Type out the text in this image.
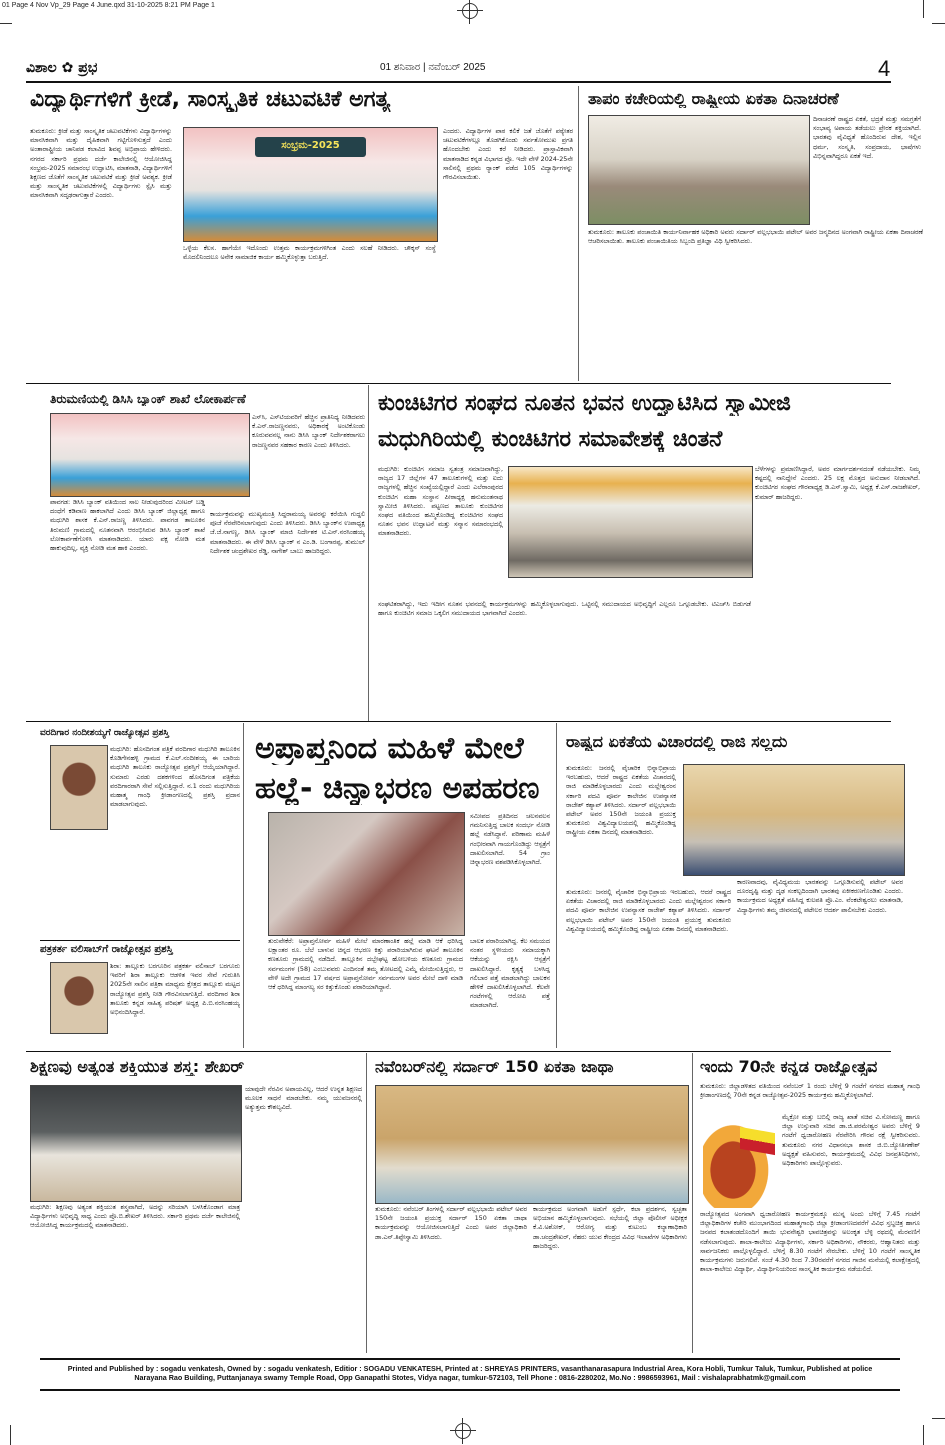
01 Page 4 Nov Vp_29 Page 4 June.qxd 31-10-2025 8:21 PM Page 1
ವಿಶಾಲ ✿ ಪ್ರಭ	01 ಶನಿವಾರ | ನವೆಂಬರ್ 2025	4
ವಿದ್ಯಾರ್ಥಿಗಳಿಗೆ ಕ್ರೀಡೆ, ಸಾಂಸ್ಕೃತಿಕ ಚಟುವಟಿಕೆ ಅಗತ್ಯ
ತುಮಕೂರು: ಕ್ರೀಡೆ ಮತ್ತು ಸಾಂಸ್ಕೃತಿಕ ಚಟುವಟಿಕೆಗಳು ವಿದ್ಯಾರ್ಥಿಗಳನ್ನು ಮಾನಸಿಕವಾಗಿ ಮತ್ತು ದೈಹಿಕವಾಗಿ ಗಟ್ಟಿಗೊಳಿಸುತ್ತದೆ ಎಂದು ಅಂತಾರಾಷ್ಟ್ರೀಯ ಚಾನಿಪಡ ಕಲಾವಿದ ಶಿವಪ್ಪ ಅಭಿಪ್ರಾಯ ಹೇಳಿದರು. ನಗರದ ಸರ್ಕಾರಿ ಪ್ರಥಮ ದರ್ಜೆ ಕಾಲೇಜಿನಲ್ಲಿ ಆಯೋಜಿಸಿದ್ದ ಸಂಭ್ರಮ-2025 ಸಮಾರಂಭ ಉದ್ಘಾಟಿಸಿ, ಮಾತನಾಡಿ, ವಿದ್ಯಾರ್ಥಿಗಳಿಗೆ ಶಿಕ್ಷಣದ ಜೊತೆಗೆ ಸಾಂಸ್ಕೃತಿಕ ಚಟುವಟಿಕೆ ಮತ್ತು ಕ್ರೀಡೆ ಅವಶ್ಯಕ. ಕ್ರೀಡೆ ಮತ್ತು ಸಾಂಸ್ಕೃತಿಕ ಚಟುವಟಿಕೆಗಳಲ್ಲಿ ವಿದ್ಯಾರ್ಥಿಗಳು ಸ್ಪೈಸಿ ಮತ್ತು ಮಾನಸಿಕವಾಗಿ ಸದೃಢರಾಗುತ್ತಾರೆ ಎಂದರು.
ಸಂಭ್ರಮ-2025
ಒಳ್ಳೆಯ ಕೆಲಸ. ಹಾಗೆಯೇ ಇದೊಂದು ಉತ್ತಮ ಕಾರ್ಯಕ್ರಮಗಳಿಗಿಂತ ಎಂದು ಸಲಹೆ ನೀಡಿದರು. ಚೌಕ್ಕಸ್ ಸಂಸ್ಥೆ ಮೊದಲಿನಿಂದಲೂ ಅನೇಕ ಸಾಮಾಜಿಕ ಕಾರ್ಯ ಹಮ್ಮಿಕೊಳ್ಳುತ್ತಾ ಬರುತ್ತಿದೆ.
ಎಂದರು. ವಿದ್ಯಾರ್ಥಿಗಳ ಪಾಠ ಕಲಿಕೆ ಜತೆ ಜೊತೆಗೆ ಪಠ್ಯೇತರ ಚಟುವಟಿಕೆಗಳಲ್ಲೂ ತೊಡಗಿಕೊಂಡು ಸರ್ವತೋಮುಖ ಪ್ರಗತಿ ಹೊಂದಬೇಕು ಎಂದು ಕರೆ ನೀಡಿದರು. ಪ್ರಾಸ್ತಾವಿಕವಾಗಿ ಮಾತನಾಡಿದ ಕನ್ನಡ ವಿಭಾಗದ ಪ್ರೊ. ಇದೇ ವೇಳೆ 2024-25ನೇ ಸಾಲಿನಲ್ಲಿ ಪ್ರಥಮ ರ‍್ಯಾಂಕ್ ಪಡೆದ 105 ವಿದ್ಯಾರ್ಥಿಗಳನ್ನು ಗೌರವಿಸಲಾಯಿತು.
ತಾಪಂ ಕಚೇರಿಯಲ್ಲಿ ರಾಷ್ಟ್ರೀಯ ಏಕತಾ ದಿನಾಚರಣೆ
ದಿನಾಚರಣೆ ರಾಷ್ಟ್ರದ ಏಕತೆ, ಭದ್ರತೆ ಮತ್ತು ಸಮಗ್ರತೆಗೆ ಸಂಭಾವ್ಯ ಅಪಾಯ ತಡೆಯಲು ಪ್ರೇರಕ ಶಕ್ತಿಯಾಗಿದೆ. ಭಾರತವು ವೈವಿಧ್ಯತೆ ಹೊಂದಿರುವ ದೇಶ, ಇಲ್ಲಿನ ಧರ್ಮ, ಸಂಸ್ಕೃತಿ, ಸಂಪ್ರದಾಯ, ಭಾಷೆಗಳು ವಿಭಿನ್ನವಾಗಿದ್ದರೂ ಏಕತೆ ಇದೆ.
ತುಮಕೂರು: ತಾಲೂಕು ಪಂಚಾಯಿತಿ ಕಾರ್ಯನಿರ್ವಾಹಕ ಅಧಿಕಾರಿ ಅವರು ಸರ್ದಾರ್ ವಲ್ಲಭಭಾಯಿ ಪಟೇಲ್ ಅವರ ಜನ್ಮದಿನದ ಅಂಗವಾಗಿ ರಾಷ್ಟ್ರೀಯ ಏಕತಾ ದಿನಾಚರಣೆ ಆಚರಿಸಲಾಯಿತು. ತಾಲೂಕು ಪಂಚಾಯಿತಿಯ ಸಿಬ್ಬಂದಿ ಪ್ರತಿಜ್ಞಾ ವಿಧಿ ಸ್ವೀಕರಿಸಿದರು.
ತಿರುಮಣಿಯಲ್ಲಿ ಡಿಸಿಸಿ ಬ್ಯಾಂಕ್ ಶಾಖೆ ಲೋಕಾರ್ಪಣೆ
ಎಸ್‌ಸಿ, ಎಸ್‌ಟಿಯವರಿಗೆ ಹೆಚ್ಚಿನ ಪ್ರಾತಿನಿಧ್ಯ ನೀಡಿದವರು ಕೆ.ಎನ್.ರಾಜಣ್ಣನವರು, ಅಧಿಕಾರಕ್ಕೆ ಅಂಟಿಕೊಂಡು ಕೂರುವವನಲ್ಲ ನಾನು ಡಿಸಿಸಿ ಬ್ಯಾಂಕ್ ನಿರ್ದೇಶಕರಾಗಲು ರಾಜಣ್ಣನವರ ಸಹಕಾರ ಕಾರಣ ಎಂದು ತಿಳಿಸಿದರು.
ಪಾವಗಡ: ಡಿಸಿಸಿ ಬ್ಯಾಂಕ್ ವತಿಯಿಂದ ಸಾಲ ನೀಡುವುದರಿಂದ ಮೀಟರ್ ಬಡ್ಡಿ ದಂಧೆಗೆ ಕಡಿವಾಣ ಹಾಕಲಾಗಿದೆ ಎಂದು ಡಿಸಿಸಿ ಬ್ಯಾಂಕ್ ಜಿಲ್ಲಾಧ್ಯಕ್ಷ ಹಾಗೂ ಮಧುಗಿರಿ ಶಾಸಕ ಕೆ.ಎನ್.ರಾಜಣ್ಣ ತಿಳಿಸಿದರು. ಪಾವಗಡ ತಾಲೂಕಿನ ತಿರುಮಣಿ ಗ್ರಾಮದಲ್ಲಿ ನೂತನವಾಗಿ ಆರಂಭಿಸಿರುವ ಡಿಸಿಸಿ ಬ್ಯಾಂಕ್ ಶಾಖೆ ಲೋಕಾರ್ಪಣೆಗೊಳಿಸಿ ಮಾತನಾಡಿದರು. ಯಾರು ಪಕ್ಷ ನೋಡಿ ಮತ ಹಾಕುವುದಿಲ್ಲ, ವ್ಯಕ್ತಿ ನೋಡಿ ಮತ ಹಾಕಿ ಎಂದರು.
ಕಾರ್ಯಕ್ರಮವನ್ನು ಮುಖ್ಯಮಂತ್ರಿ ಸಿದ್ದರಾಮಯ್ಯ ಅವರನ್ನು ಕರೆಯಿಸಿ ಗುದ್ದಲಿ ಪೂಜೆ ನೆರವೇರಿಸಲಾಗುವುದು ಎಂದು ತಿಳಿಸಿದರು. ಡಿಸಿಸಿ ಬ್ಯಾಂಕ್‌ನ ಉಪಾಧ್ಯಕ್ಷ ಜೆ.ಜೆ.ನಾಗಣ್ಣ, ಡಿಸಿಸಿ ಬ್ಯಾಂಕ್ ಮಾಜಿ ನಿರ್ದೇಶಕ ಟಿ.ಎನ್.ನರಸಿಂಹಯ್ಯ ಮಾತನಾಡಿದರು. ಈ ವೇಳೆ ಡಿಸಿಸಿ ಬ್ಯಾಂಕ್ ನ ಎಂ.ಡಿ. ಬಂಗಾರಪ್ಪ, ತುಮುಲ್ ನಿರ್ದೇಶಕ ಚಂದ್ರಶೇಖರ ರೆಡ್ಡಿ, ನಾಗೇಶ್ ಬಾಬು ಹಾಜರಿದ್ದರು.
ಕುಂಚಿಟಿಗರ ಸಂಘದ ನೂತನ ಭವನ ಉದ್ಘಾಟಿಸಿದ ಸ್ವಾಮೀಜಿ
ಮಧುಗಿರಿಯಲ್ಲಿ ಕುಂಚಿಟಿಗರ ಸಮಾವೇಶಕ್ಕೆ ಚಿಂತನೆ
ಮಧುಗಿರಿ: ಕುಂಚಿಟಿಗ ಸಮಾಜ ಸ್ವತಂತ್ರ ಸಮಾಜವಾಗಿದ್ದು, ರಾಜ್ಯದ 17 ಜಿಲ್ಲೆಗಳ 47 ತಾಲೂಕುಗಳಲ್ಲಿ ಮತ್ತು ಐದು ರಾಜ್ಯಗಳಲ್ಲಿ ಹೆಚ್ಚಿನ ಸಂಖ್ಯೆಯಲ್ಲಿದ್ದಾರೆ ಎಂದು ಎಲೆರಾಂಪುರದ ಕುಂಚಿಟಿಗ ಮಹಾ ಸಂಸ್ಥಾನ ಪೀಠಾಧ್ಯಕ್ಷ ಹನುಮಂತನಾಥ ಸ್ವಾಮೀಜಿ ತಿಳಿಸಿದರು. ಪಟ್ಟಣದ ತಾಲೂಕು ಕುಂಚಿಟಿಗರ ಸಂಘದ ವತಿಯಿಂದ ಹಮ್ಮಿಕೊಂಡಿದ್ದ ಕುಂಚಿಟಿಗರ ಸಂಘದ ನೂತನ ಭವನ ಉದ್ಘಾಟನೆ ಮತ್ತು ಸನ್ಮಾನ ಸಮಾರಂಭದಲ್ಲಿ ಮಾತನಾಡಿದರು.
ಬೆಳೆಗಳನ್ನು ಪ್ರಮಾಣಿಸಿದ್ದಾರೆ, ಅವರ ಮಾರ್ಗದರ್ಶನದಂತೆ ನಡೆಯಬೇಕು. ನಿಮ್ಮ ಕಷ್ಟದಲ್ಲಿ ನಾನಿದ್ದೇನೆ ಎಂದರು. 25 ಲಕ್ಷ ಮೊತ್ತದ ಅನುದಾನ ನೀಡಲಾಗಿದೆ. ಕುಂಚಿಟಿಗರ ಸಂಘದ ಗೌರವಾಧ್ಯಕ್ಷ ಡಿ.ಎಸ್.ಸ್ವಾಮಿ, ಅಧ್ಯಕ್ಷ ಕೆ.ಎಸ್.ರಾಜಶೇಖರ್, ಕುಮಾರ್ ಹಾಜರಿದ್ದರು.
ಸಂಘಟಿತರಾಗಿದ್ದು, ಇದು ಇದೀಗ ನೂತನ ಭವನದಲ್ಲಿ ಕಾರ್ಯಕ್ರಮಗಳನ್ನು ಹಮ್ಮಿಕೊಳ್ಳಲಾಗುವುದು. ಒಟ್ಟಿನಲ್ಲಿ ಸಮುದಾಯದ ಅಭಿವೃದ್ಧಿಗೆ ಎಲ್ಲರೂ ಒಗ್ಗೂಡಬೇಕು. ಟಿಎಚ್‌ಸಿ ಬಿಡುಗಡೆ ಹಾಗೂ ಕುಂಚಿಟಿಗ ಸಮಾಜ ಒಕ್ಕಲಿಗ ಸಮುದಾಯದ ಭಾಗವಾಗಿದೆ ಎಂದರು.
ವರದಿಗಾರ ನಂದೀಶಯ್ಯಗೆ ರಾಜ್ಯೋತ್ಸವ ಪ್ರಶಸ್ತಿ
ಮಧುಗಿರಿ: ಹೊಸದಿಗಂತ ಪತ್ರಿಕೆ ವರದಿಗಾರ ಮಧುಗಿರಿ ತಾಲೂಕಿನ ಕೊಡಿಗೇನಹಳ್ಳಿ ಗ್ರಾಮದ ಕೆ.ಎಲ್.ನಂದೀಶಯ್ಯ ಈ ಬಾರಿಯ ಮಧುಗಿರಿ ತಾಲೂಕು ರಾಜ್ಯೋತ್ಸವ ಪ್ರಶಸ್ತಿಗೆ ಆಯ್ಕೆಯಾಗಿದ್ದಾರೆ. ಸುಮಾರು ಎರಡು ದಶಕಗಳಿಂದ ಹೊಸದಿಗಂತ ಪತ್ರಿಕೆಯ ವರದಿಗಾರರಾಗಿ ಸೇವೆ ಸಲ್ಲಿಸುತ್ತಿದ್ದಾರೆ. ನ.1 ರಂದು ಮಧುಗಿರಿಯ ಮಹಾತ್ಮ ಗಾಂಧಿ ಕ್ರೀಡಾಂಗಣದಲ್ಲಿ ಪ್ರಶಸ್ತಿ ಪ್ರದಾನ ಮಾಡಲಾಗುವುದು.
ಪತ್ರಕರ್ತ ವಲಿಸಾಬ್‌ಗೆ ರಾಜ್ಯೋತ್ಸವ ಪ್ರಶಸ್ತಿ
ಶಿರಾ: ತಾಲ್ಲೂಕು ಬರಗೂರಿನ ಪತ್ರಕರ್ತ ವಲಿಸಾಬ್ ಬರಗೂರು ಇವರಿಗೆ ಶಿರಾ ತಾಲ್ಲೂಕು ಆಡಳಿತ ಇವರ ಸೇವೆ ಗುರುತಿಸಿ 2025ನೇ ಸಾಲಿನ ಪತ್ರಿಕಾ ಮಾಧ್ಯಮ ಕ್ಷೇತ್ರದ ತಾಲ್ಲೂಕು ಮಟ್ಟದ ರಾಜ್ಯೋತ್ಸವ ಪ್ರಶಸ್ತಿ ನೀಡಿ ಗೌರವಿಸಲಾಗುತ್ತಿದೆ. ವರದಿಗಾರ ಶಿರಾ ತಾಲೂಕು ಕನ್ನಡ ಸಾಹಿತ್ಯ ಪರಿಷತ್ ಅಧ್ಯಕ್ಷ ಪಿ.ಬಿ.ನರಸಿಂಹಯ್ಯ ಅಭಿನಂದಿಸಿದ್ದಾರೆ.
ಅಪ್ರಾಪ್ತನಿಂದ ಮಹಿಳೆ ಮೇಲೆ
ಹಲ್ಲೆ- ಚಿನ್ನಾಭರಣ ಅಪಹರಣ
ಸಮೀಪದ ಪ್ರತಿದಿನದ ಚಲನವಲನ ಗಮನಿಸುತ್ತಿದ್ದ ಬಾಲಕ ಸಂದರ್ಭ ನೋಡಿ ಹಲ್ಲೆ ನಡೆಸಿದ್ದಾನೆ. ಪರಿಣಾಮ ಮಹಿಳೆ ಗಂಭೀರವಾಗಿ ಗಾಯಗೊಂಡಿದ್ದು ಆಸ್ಪತ್ರೆಗೆ ದಾಖಲಿಸಲಾಗಿದೆ. 54 ಗ್ರಾಂ ಚಿನ್ನಾಭರಣ ವಶಪಡಿಸಿಕೊಳ್ಳಲಾಗಿದೆ.
ತುರುವೇಕೆರೆ: ಅಪ್ರಾಪ್ತನೋರ್ವ ಮಹಿಳೆ ಮೇಲೆ ಮಾರಣಾಂತಿಕ ಹಲ್ಲೆ ಮಾಡಿ ಆಕೆ ಧರಿಸಿದ್ದ ಲಕ್ಷಾಂತರ ರೂ. ಬೆಲೆ ಬಾಳುವ ಚಿನ್ನದ ಆಭರಣ ಕಿತ್ತು ಪರಾರಿಯಾಗಿರುವ ಘಟನೆ ತಾಲೂಕಿನ ಕಣತೂರು ಗ್ರಾಮದಲ್ಲಿ ನಡೆದಿದೆ. ತಾಲ್ಲೂಕಿನ ದಬ್ಬೇಘಟ್ಟ ಹೋಬಳಿಯ ಕಣತೂರು ಗ್ರಾಮದ ಸರ್ವಮಂಗಳ (58) ಎಂಬುವವರು ಎಂದಿನಂತೆ ತಮ್ಮ ತೋಟದಲ್ಲಿ ಎಮ್ಮೆ ಮೇಯಿಸುತ್ತಿದ್ದರು, ಆ ವೇಳೆ ಅದೇ ಗ್ರಾಮದ 17 ವರ್ಷದ ಅಪ್ರಾಪ್ತನೋರ್ವ ಸರ್ವಮಂಗಳ ಅವರ ಮೇಲೆ ದಾಳಿ ಮಾಡಿ ಆಕೆ ಧರಿಸಿದ್ದ ಮಾಂಗಲ್ಯ ಸರ ಕಿತ್ತುಕೊಂಡು ಪರಾರಿಯಾಗಿದ್ದಾನೆ.
ಬಾಲಕ ಪರಾರಿಯಾಗಿದ್ದ. ಕೆಲ ಸಮಯದ ನಂತರ ಸ್ಥಳೀಯರು ಸಮಾಯಕ್ಕಾಗಿ ಆಕೆಯನ್ನು ರಕ್ಷಿಸಿ ಆಸ್ಪತ್ರೆಗೆ ದಾಖಲಿಸಿದ್ದಾರೆ. ಕೃತ್ಯಕ್ಕೆ ಬಳಸಿದ್ದ ಗಲಿಬಾರ ಪತ್ತೆ ಮಾಡಲಾಗಿದ್ದು ಬಾಲಕನ ಹೇಳಿಕೆ ದಾಖಲಿಸಿಕೊಳ್ಳಲಾಗಿದೆ. ಕೆಲವೇ ಗಂಟೆಗಳಲ್ಲಿ ಆರೋಪಿ ಪತ್ತೆ ಮಾಡಲಾಗಿದೆ.
ರಾಷ್ಟ್ರದ ಏಕತೆಯ ವಿಚಾರದಲ್ಲಿ ರಾಜಿ ಸಲ್ಲದು
ತುಮಕೂರು: ಜನರಲ್ಲಿ ವೈಚಾರಿಕ ಭಿನ್ನಾಭಿಪ್ರಾಯ ಇರಬಹುದು, ಆದರೆ ರಾಷ್ಟ್ರದ ಏಕತೆಯ ವಿಚಾರದಲ್ಲಿ ರಾಜಿ ಮಾಡಿಕೊಳ್ಳಬಾರದು ಎಂದು ಮಲ್ಲೇಶ್ವರಂನ ಸರ್ಕಾರಿ ಪದವಿ ಪೂರ್ವ ಕಾಲೇಜಿನ ಉಪನ್ಯಾಸಕ ರಾಜೇಶ್ ಕಶ್ಯಾಪ್ ತಿಳಿಸಿದರು. ಸರ್ದಾರ್ ವಲ್ಲಭಭಾಯಿ ಪಟೇಲ್ ಅವರ 150ನೇ ಜಯಂತಿ ಪ್ರಯುಕ್ತ ತುಮಕೂರು ವಿಶ್ವವಿದ್ಯಾಲಯದಲ್ಲಿ ಹಮ್ಮಿಕೊಂಡಿದ್ದ ರಾಷ್ಟ್ರೀಯ ಏಕತಾ ದಿನದಲ್ಲಿ ಮಾತನಾಡಿದರು.
ತುಮಕೂರು: ಜನರಲ್ಲಿ ವೈಚಾರಿಕ ಭಿನ್ನಾಭಿಪ್ರಾಯ ಇರಬಹುದು, ಆದರೆ ರಾಷ್ಟ್ರದ ಏಕತೆಯ ವಿಚಾರದಲ್ಲಿ ರಾಜಿ ಮಾಡಿಕೊಳ್ಳಬಾರದು ಎಂದು ಮಲ್ಲೇಶ್ವರಂನ ಸರ್ಕಾರಿ ಪದವಿ ಪೂರ್ವ ಕಾಲೇಜಿನ ಉಪನ್ಯಾಸಕ ರಾಜೇಶ್ ಕಶ್ಯಾಪ್ ತಿಳಿಸಿದರು. ಸರ್ದಾರ್ ವಲ್ಲಭಭಾಯಿ ಪಟೇಲ್ ಅವರ 150ನೇ ಜಯಂತಿ ಪ್ರಯುಕ್ತ ತುಮಕೂರು ವಿಶ್ವವಿದ್ಯಾಲಯದಲ್ಲಿ ಹಮ್ಮಿಕೊಂಡಿದ್ದ ರಾಷ್ಟ್ರೀಯ ಏಕತಾ ದಿನದಲ್ಲಿ ಮಾತನಾಡಿದರು.
ಕಾರಣವಾದವು, ವೈವಿಧ್ಯಮಯ ಭಾರತವನ್ನು ಒಗ್ಗೂಡಿಸುವಲ್ಲಿ ಪಟೇಲ್ ಅವರ ದೂರದೃಷ್ಟಿ ಮತ್ತು ದೃಢ ಸಂಕಲ್ಪದಿಂದಾಗಿ ಭಾರತವು ಏಕೀಕರಣಗೊಂಡಿತು ಎಂದರು. ಕಾರ್ಯಕ್ರಮದ ಅಧ್ಯಕ್ಷತೆ ವಹಿಸಿದ್ದ ಕುಲಪತಿ ಪ್ರೊ.ಎಂ. ವೆಂಕಟೇಶ್ವರಲು ಮಾತನಾಡಿ, ವಿದ್ಯಾರ್ಥಿಗಳು ತಮ್ಮ ಜೀವನದಲ್ಲಿ ಪಟೇಲರ ಆದರ್ಶ ಪಾಲಿಸಬೇಕು ಎಂದರು.
ಶಿಕ್ಷಣವು ಅತ್ಯಂತ ಶಕ್ತಿಯುತ ಶಸ್ತ್ರ: ಶೇಖರ್
ಯಾವುದೇ ನೆರವಿನ ಅಪಾಯವಿಲ್ಲ, ಆದರೆ ಉನ್ನತ ಶಿಕ್ಷಣದ ಮೂಲಕ ಸಾಧನೆ ಮಾಡಬೇಕು. ನಮ್ಮ ಯುವಜನರಲ್ಲಿ ಅತ್ಯುತ್ತಮ ಕೌಶಲ್ಯವಿದೆ.
ಮಧುಗಿರಿ: ಶಿಕ್ಷಣವು ಅತ್ಯಂತ ಶಕ್ತಿಯುತ ಶಸ್ತ್ರವಾಗಿದೆ, ಅದನ್ನು ಸರಿಯಾಗಿ ಬಳಸಿಕೊಂಡಾಗ ಮಾತ್ರ ವಿದ್ಯಾರ್ಥಿಗಳು ಅಭಿವೃದ್ಧಿ ಸಾಧ್ಯ ಎಂದು ಪ್ರೊ.ಬಿ.ಶೇಖರ್ ತಿಳಿಸಿದರು. ಸರ್ಕಾರಿ ಪ್ರಥಮ ದರ್ಜೆ ಕಾಲೇಜಿನಲ್ಲಿ ಆಯೋಜಿಸಿದ್ದ ಕಾರ್ಯಕ್ರಮದಲ್ಲಿ ಮಾತನಾಡಿದರು.
ನವೆಂಬರ್‌ನಲ್ಲಿ ಸರ್ದಾರ್ 150 ಏಕತಾ ಜಾಥಾ
ತುಮಕೂರು: ನವೆಂಬರ್ ತಿಂಗಳಲ್ಲಿ ಸರ್ದಾರ್ ವಲ್ಲಭಭಾಯಿ ಪಟೇಲ್ ಅವರ 150ನೇ ಜಯಂತಿ ಪ್ರಯುಕ್ತ ಸರ್ದಾರ್ 150 ಏಕತಾ ಜಾಥಾ ಕಾರ್ಯಕ್ರಮವನ್ನು ಆಯೋಜಿಸಲಾಗುತ್ತಿದೆ ಎಂದು ಅಪರ ಜಿಲ್ಲಾಧಿಕಾರಿ ಡಾ.ಎನ್.ತಿಪ್ಪೇಸ್ವಾಮಿ ತಿಳಿಸಿದರು.
ಕಾರ್ಯಕ್ರಮದ ಅಂಗವಾಗಿ ಅಡುಗೆ ಸ್ಪರ್ಧೆ, ಕಲಾ ಪ್ರದರ್ಶನ, ಸ್ವಚ್ಛತಾ ಅಭಿಯಾನ ಹಮ್ಮಿಕೊಳ್ಳಲಾಗುವುದು. ಸಭೆಯಲ್ಲಿ ಜಿಲ್ಲಾ ಪೊಲೀಸ್ ಅಧೀಕ್ಷಕ ಕೆ.ವಿ.ಅಶೋಕ್, ಆರೋಗ್ಯ ಮತ್ತು ಕುಟುಂಬ ಕಲ್ಯಾಣಾಧಿಕಾರಿ ಡಾ.ಚಂದ್ರಶೇಖರ್, ನೆಹರು ಯುವ ಕೇಂದ್ರದ ವಿವಿಧ ಇಲಾಖೆಗಳ ಅಧಿಕಾರಿಗಳು ಹಾಜರಿದ್ದರು.
ಇಂದು 70ನೇ ಕನ್ನಡ ರಾಜ್ಯೋತ್ಸವ
ತುಮಕೂರು: ಜಿಲ್ಲಾಡಳಿತದ ವತಿಯಿಂದ ನವೆಂಬರ್ 1 ರಂದು ಬೆಳಿಗ್ಗೆ 9 ಗಂಟೆಗೆ ನಗರದ ಮಹಾತ್ಮ ಗಾಂಧಿ ಕ್ರೀಡಾಂಗಣದಲ್ಲಿ 70ನೇ ಕನ್ನಡ ರಾಜ್ಯೋತ್ಸವ-2025 ಕಾರ್ಯಕ್ರಮ ಹಮ್ಮಿಕೊಳ್ಳಲಾಗಿದೆ.
ಮೈಕ್ರೋ ಮತ್ತು ಬಬಿಲ್ಗಿ ರಾಜ್ಯ ಖಾತೆ ಸಚಿವ ವಿ.ಸೋಮಣ್ಣ ಹಾಗೂ ಜಿಲ್ಲಾ ಉಸ್ತುವಾರಿ ಸಚಿವ ಡಾ.ಜಿ.ಪರಮೇಶ್ವರ ಅವರು ಬೆಳಿಗ್ಗೆ 9 ಗಂಟೆಗೆ ಧ್ವಜಾರೋಹಣ ನೆರವೇರಿಸಿ ಗೌರವ ರಕ್ಷೆ ಸ್ವೀಕರಿಸುವರು. ತುಮಕೂರು ನಗರ ವಿಧಾನಸಭಾ ಶಾಸಕ ಜಿ.ಬಿ.ಜ್ಯೋತಿಗಣೇಶ್ ಅಧ್ಯಕ್ಷತೆ ವಹಿಸುವರು, ಕಾರ್ಯಕ್ರಮದಲ್ಲಿ ವಿವಿಧ ಜನಪ್ರತಿನಿಧಿಗಳು, ಅಧಿಕಾರಿಗಳು ಪಾಲ್ಗೊಳ್ಳುವರು.
ರಾಜ್ಯೋತ್ಸವದ ಅಂಗವಾಗಿ ಧ್ವಜಾರೋಹಣ ಕಾರ್ಯಕ್ರಮಕ್ಕೂ ಮುನ್ನ ಅಂದು ಬೆಳಿಗ್ಗೆ 7.45 ಗಂಟೆಗೆ ಜಿಲ್ಲಾಧಿಕಾರಿಗಳ ಕಚೇರಿ ಮುಂಭಾಗದಿಂದ ಮಹಾತ್ಮಗಾಂಧಿ ಜಿಲ್ಲಾ ಕ್ರೀಡಾಂಗಣದವರೆಗೆ ವಿವಿಧ ಸ್ತಬ್ಧಚಿತ್ರ ಹಾಗೂ ಜನಪದ ಕಲಾತಂಡದೊಂದಿಗೆ ತಾಯಿ ಭುವನೇಶ್ವರಿ ಭಾವಚಿತ್ರವನ್ನು ಅಲಂಕೃತ ಬೆಳ್ಳಿ ರಥದಲ್ಲಿ ಮೆರವಣಿಗೆ ನಡೆಸಲಾಗುವುದು. ಶಾಲಾ-ಕಾಲೇಜು ವಿದ್ಯಾರ್ಥಿಗಳು, ಸರ್ಕಾರಿ ಅಧಿಕಾರಿಗಳು, ನೌಕರರು, ಆಹ್ವಾನಿತರು ಮತ್ತು ಸಾರ್ವಜನಿಕರು ಪಾಲ್ಗೊಳ್ಳಲಿದ್ದಾರೆ. ಬೆಳಿಗ್ಗೆ 8.30 ಗಂಟೆಗೆ ಸೇರಬೇಕು. ಬೆಳಿಗ್ಗೆ 10 ಗಂಟೆಗೆ ಸಾಂಸ್ಕೃತಿಕ ಕಾರ್ಯಕ್ರಮಗಳು ಜರುಗಲಿವೆ. ಸಂಜೆ 4.30 ರಿಂದ 7.30ರವರೆಗೆ ನಗರದ ಗಾಜಿನ ಮನೆಯಲ್ಲಿ ಕಲಾಕ್ಷೇತ್ರದಲ್ಲಿ ಶಾಲಾ-ಕಾಲೇಜು ವಿದ್ಯಾರ್ಥಿ, ವಿದ್ಯಾರ್ಥಿನಿಯರಿಂದ ಸಾಂಸ್ಕೃತಿಕ ಕಾರ್ಯಕ್ರಮ ನಡೆಯಲಿದೆ.
Printed and Published by : sogadu venkatesh, Owned by : sogadu venkatesh, Editior : SOGADU VENKATESH, Printed at : SHREYAS PRINTERS, vasanthanarasapura Industrial Area, Kora Hobli, Tumkur Taluk, Tumkur, Published at police
Narayana Rao Building, Puttanjanaya swamy Temple Road, Opp Ganapathi Stotes, Vidya nagar, tumkur-572103, Tell Phone : 0816-2280202, Mo.No : 9986593961, Mail : vishalaprabhatmk@gmail.com
